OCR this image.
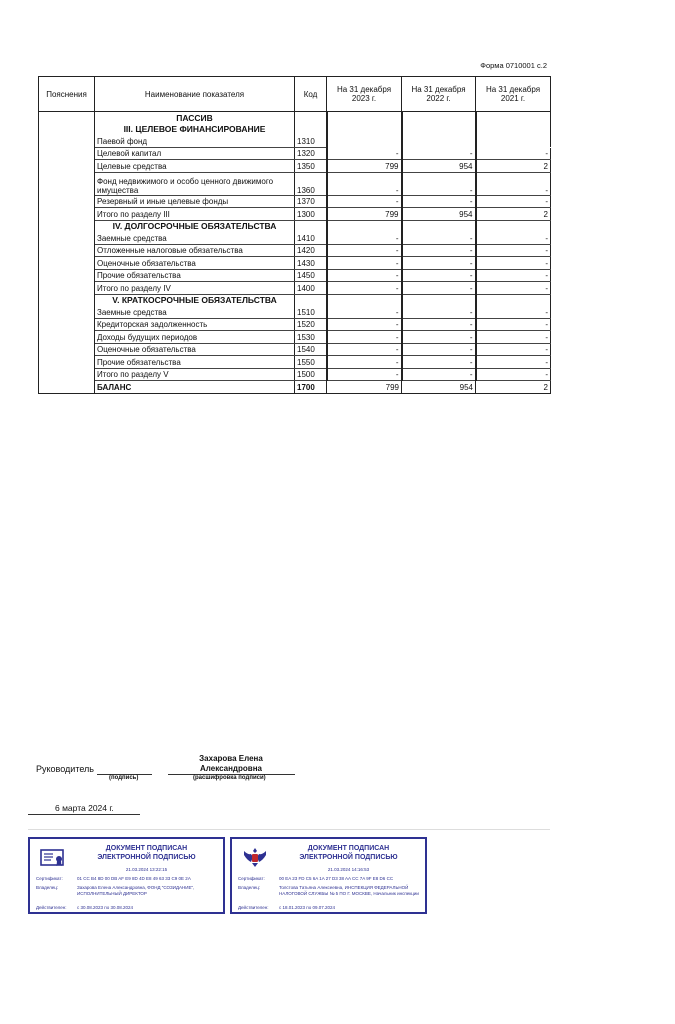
Форма 0710001 с.2
Пояснения	Наименование показателя	Код	На 31 декабря 2023 г.	На 31 декабря 2022 г.	На 31 декабря 2021 г.
	ПАССИВ				
	III. ЦЕЛЕВОЕ ФИНАНСИРОВАНИЕ				
	Паевой фонд	1310			
	Целевой капитал	1320	-	-	-
	Целевые средства	1350	799	954	2
	Фонд недвижимого и особо ценного движимого имущества	1360	-	-	-
	Резервный и иные целевые фонды	1370	-	-	-
	Итого по разделу III	1300	799	954	2
	IV. ДОЛГОСРОЧНЫЕ ОБЯЗАТЕЛЬСТВА				
	Заемные средства	1410	-	-	-
	Отложенные налоговые обязательства	1420	-	-	-
	Оценочные обязательства	1430	-	-	-
	Прочие обязательства	1450	-	-	-
	Итого по разделу IV	1400	-	-	-
	V. КРАТКОСРОЧНЫЕ ОБЯЗАТЕЛЬСТВА				
	Заемные средства	1510	-	-	-
	Кредиторская задолженность	1520	-	-	-
	Доходы будущих периодов	1530	-	-	-
	Оценочные обязательства	1540	-	-	-
	Прочие обязательства	1550	-	-	-
	Итого по разделу V	1500	-	-	-
	БАЛАНС	1700	799	954	2
Руководитель
(подпись)
Захарова Елена
Александровна
(расшифровка подписи)
6 марта 2024 г.
ДОКУМЕНТ ПОДПИСАН
ЭЛЕКТРОННОЙ ПОДПИСЬЮ
21.03.2024 13:22:15
Сертификат:	01 CC B4 8D 00 DB AF E9 8D 4D E8 49 63 33 C9 0E 2A
Владелец:	Захарова Елена Александровна, ФОНД "СОЗИДАНИЕ", ИСПОЛНИТЕЛЬНЫЙ ДИРЕКТОР
Действителен:	с 30.08.2023 по 30.08.2024
ДОКУМЕНТ ПОДПИСАН
ЭЛЕКТРОННОЙ ПОДПИСЬЮ
21.03.2024 14:16:53
Сертификат:	00 EA 23 FD C5 6A 1A 27 D3 38 AA CC 7A 9F E8 D6 CC
Владелец:	Толстова Татьяна Алексеевна, ИНСПЕКЦИЯ ФЕДЕРАЛЬНОЙ НАЛОГОВОЙ СЛУЖБЫ № 5 ПО Г. МОСКВЕ, Начальник инспекции
Действителен:	с 18.01.2023 по 09.07.2024
